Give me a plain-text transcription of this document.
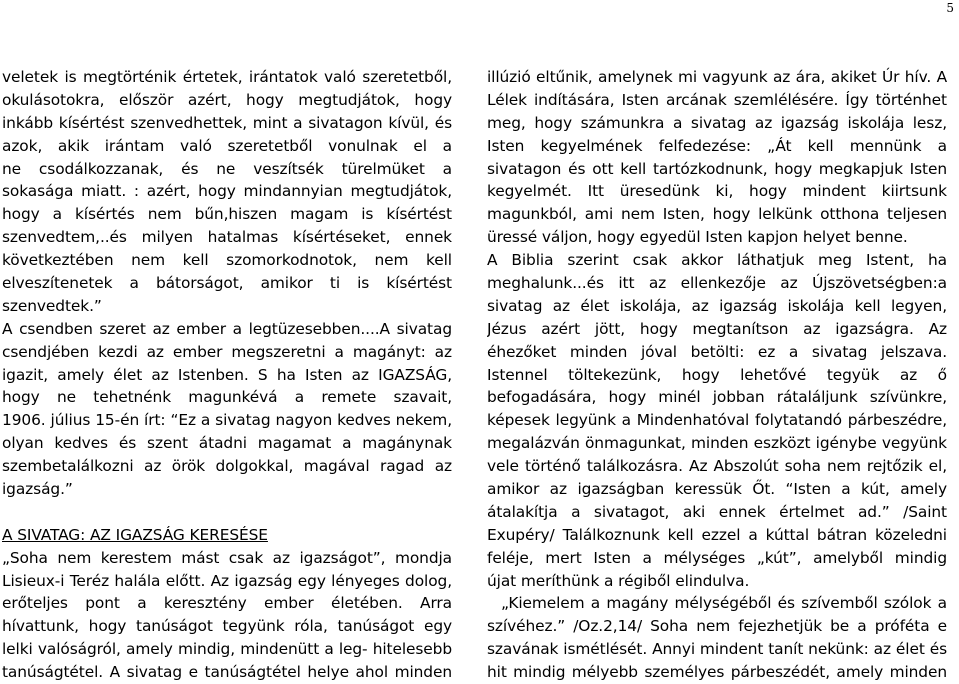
5
veletek is megtörténik értetek, irántatok való szeretetből,
okulásotokra, először azért, hogy megtudjátok, hogy
inkább kísértést szenvedhettek, mint a sivatagon kívül, és
azok, akik irántam való szeretetből vonulnak el a
ne csodálkozzanak, és ne veszítsék türelmüket a
sokasága miatt. : azért, hogy mindannyian megtudjátok,
hogy a kísértés nem bűn,hiszen magam is kísértést
szenvedtem,..és milyen hatalmas kísértéseket, ennek
következtében nem kell szomorkodnotok, nem kell
elveszítenetek a bátorságot, amikor ti is kísértést
szenvedtek.”
A csendben szeret az ember a legtüzesebben....A sivatag
csendjében kezdi az ember megszeretni a magányt: az
igazit, amely élet az Istenben. S ha Isten az IGAZSÁG,
hogy ne tehetnénk magunkévá a remete szavait,
1906. július 15-én írt: “Ez a sivatag nagyon kedves nekem,
olyan kedves és szent átadni magamat a magánynak
szembetalálkozni az örök dolgokkal, magával ragad az
igazság.”
A SIVATAG: AZ IGAZSÁG KERESÉSE
„Soha nem kerestem mást csak az igazságot”, mondja
Lisieux-i Teréz halála előtt. Az igazság egy lényeges dolog,
erőteljes pont a keresztény ember életében. Arra
hívattunk, hogy tanúságot tegyünk róla, tanúságot egy
lelki valóságról, amely mindig, mindenütt a leg- hitelesebb
tanúságtétel. A sivatag e tanúságtétel helye ahol minden
illúzió eltűnik, amelynek mi vagyunk az ára, akiket Úr hív. A
Lélek indítására, Isten arcának szemlélésére. Így történhet
meg, hogy számunkra a sivatag az igazság iskolája lesz,
Isten kegyelmének felfedezése: „Át kell mennünk a
sivatagon és ott kell tartózkodnunk, hogy megkapjuk Isten
kegyelmét. Itt üresedünk ki, hogy mindent kiirtsunk
magunkból, ami nem Isten, hogy lelkünk otthona teljesen
üressé váljon, hogy egyedül Isten kapjon helyet benne.
A Biblia szerint csak akkor láthatjuk meg Istent, ha
meghalunk...és itt az ellenkezője az Újszövetségben:a
sivatag az élet iskolája, az igazság iskolája kell legyen,
Jézus azért jött, hogy megtanítson az igazságra. Az
éhezőket minden jóval betölti: ez a sivatag jelszava.
Istennel töltekezünk, hogy lehetővé tegyük az ő
befogadására, hogy minél jobban rátaláljunk szívünkre,
képesek legyünk a Mindenhatóval folytatandó párbeszédre,
megalázván önmagunkat, minden eszközt igénybe vegyünk
vele történő találkozásra. Az Abszolút soha nem rejtőzik el,
amikor az igazságban keressük Őt. “Isten a kút, amely
átalakítja a sivatagot, aki ennek értelmet ad.” /Saint
Exupéry/ Találkoznunk kell ezzel a kúttal bátran közeledni
feléje, mert Isten a mélységes „kút”, amelyből mindig
újat meríthünk a régiből elindulva.
„Kiemelem a magány mélységéből és szívemből szólok a
szívéhez.” /Oz.2,14/ Soha nem fejezhetjük be a próféta e
szavának ismétlését. Annyi mindent tanít nekünk: az élet és
hit mindig mélyebb személyes párbeszédét, amely minden
